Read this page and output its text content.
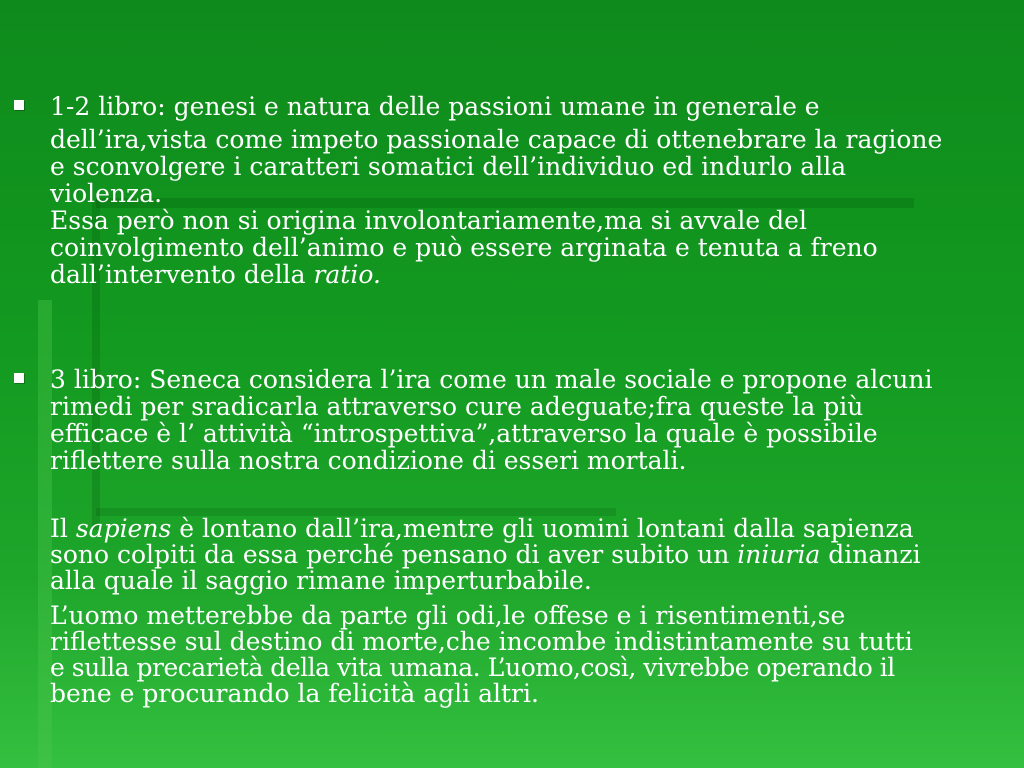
1-2 libro: genesi e natura delle passioni umane in generale e
dell’ira,vista come impeto passionale capace di ottenebrare la ragione
e sconvolgere i caratteri somatici dell’individuo ed indurlo alla
violenza.
Essa però non si origina involontariamente,ma si avvale del
coinvolgimento dell’animo e può essere arginata e tenuta a freno
dall’intervento della ratio.
3 libro: Seneca considera l’ira come un male sociale e propone alcuni
rimedi per sradicarla attraverso cure adeguate;fra queste la più
efficace è l’ attività “introspettiva”,attraverso la quale è possibile
riflettere sulla nostra condizione di esseri mortali.
Il sapiens è lontano dall’ira,mentre gli uomini lontani dalla sapienza
sono colpiti da essa perché pensano di aver subito un iniuria dinanzi
alla quale il saggio rimane imperturbabile.
L’uomo metterebbe da parte gli odi,le offese e i risentimenti,se
riflettesse sul destino di morte,che incombe indistintamente su tutti
e sulla precarietà della vita umana. L’uomo,così, vivrebbe operando il
bene e procurando la felicità agli altri.
